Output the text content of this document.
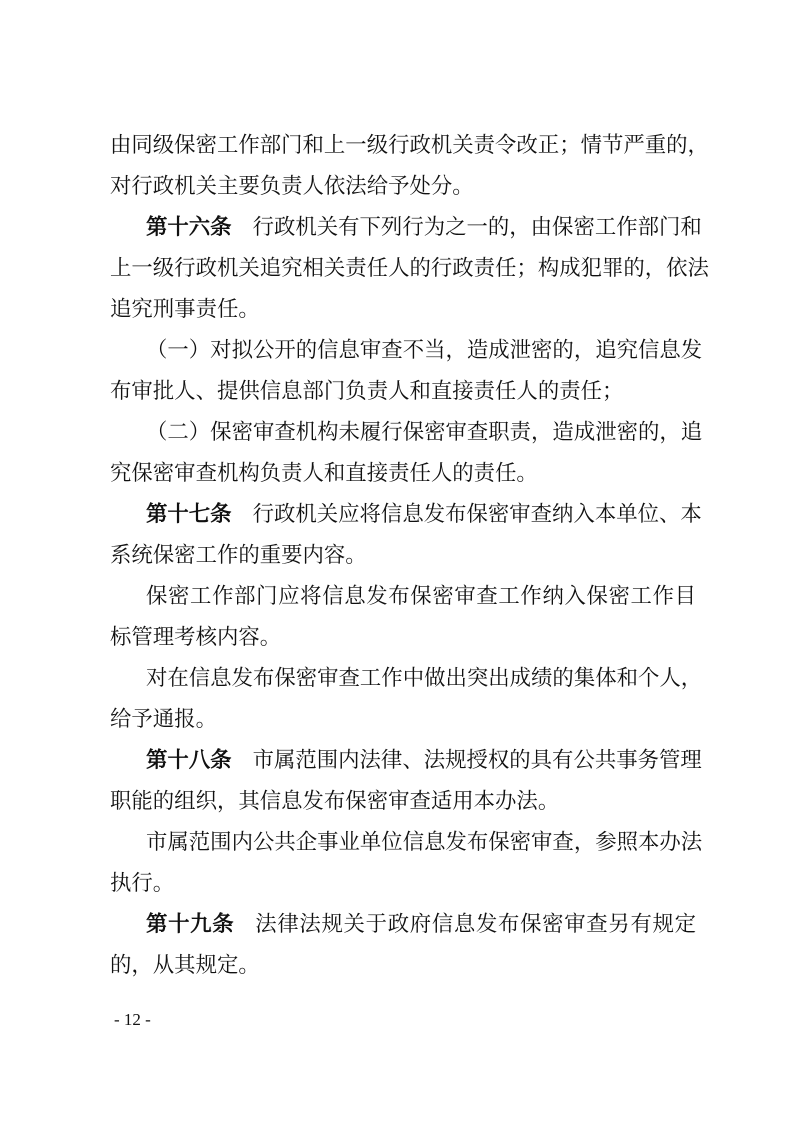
由同级保密工作部门和上一级行政机关责令改正；情节严重的，
对行政机关主要负责人依法给予处分。
第十六条 行政机关有下列行为之一的，由保密工作部门和
上一级行政机关追究相关责任人的行政责任；构成犯罪的，依法
追究刑事责任。
（一）对拟公开的信息审查不当，造成泄密的，追究信息发
布审批人、提供信息部门负责人和直接责任人的责任；
（二）保密审查机构未履行保密审查职责，造成泄密的，追
究保密审查机构负责人和直接责任人的责任。
第十七条 行政机关应将信息发布保密审查纳入本单位、本
系统保密工作的重要内容。
保密工作部门应将信息发布保密审查工作纳入保密工作目
标管理考核内容。
对在信息发布保密审查工作中做出突出成绩的集体和个人，
给予通报。
第十八条 市属范围内法律、法规授权的具有公共事务管理
职能的组织，其信息发布保密审查适用本办法。
市属范围内公共企事业单位信息发布保密审查，参照本办法
执行。
第十九条 法律法规关于政府信息发布保密审查另有规定
的，从其规定。
- 12 -
